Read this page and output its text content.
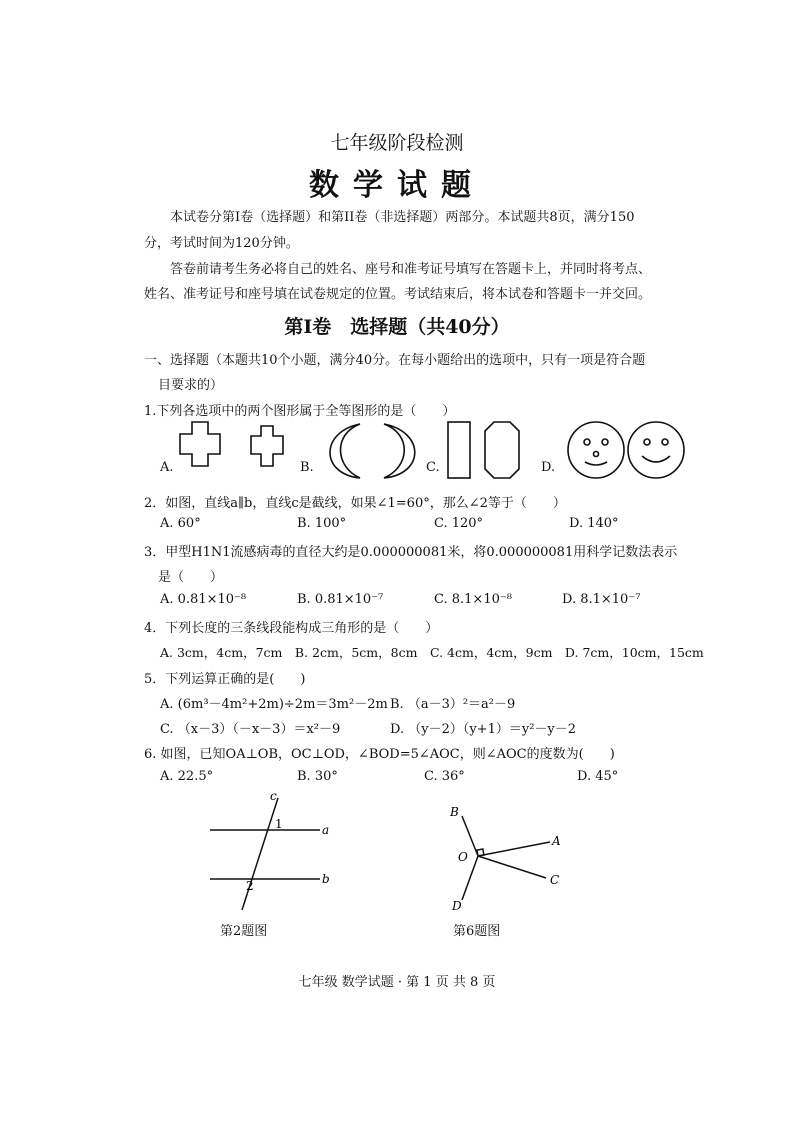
七年级阶段检测
数学试题
本试卷分第Ⅰ卷（选择题）和第II卷（非选择题）两部分。本试题共8页，满分150
分，考试时间为120分钟。
答卷前请考生务必将自己的姓名、座号和准考证号填写在答题卡上，并同时将考点、
姓名、准考证号和座号填在试卷规定的位置。考试结束后，将本试卷和答题卡一并交回。
第Ⅰ卷　选择题（共40分）
一、选择题（本题共10个小题，满分40分。在每小题给出的选项中，只有一项是符合题
目要求的）
1.下列各选项中的两个图形属于全等图形的是（　　）
A.	B.	C.	D.
2．如图，直线a∥b，直线c是截线，如果∠1=60°，那么∠2等于（　　）
A. 60°	B. 100°	C. 120°	D. 140°
3．甲型H1N1流感病毒的直径大约是0.000000081米，将0.000000081用科学记数法表示
是（　　）
A. 0.81×10⁻⁸	B. 0.81×10⁻⁷	C. 8.1×10⁻⁸	D. 8.1×10⁻⁷
4．下列长度的三条线段能构成三角形的是（　　）
A. 3cm，4cm，7cm　B. 2cm，5cm，8cm　C. 4cm，4cm，9cm　D. 7cm，10cm，15cm
5．下列运算正确的是(　　)
A. (6m³－4m²+2m)÷2m＝3m²－2m B. （a－3）²＝a²－9
C. （x－3）（－x－3）＝x²－9	D. （y－2）（y+1）＝y²－y－2
6. 如图，已知OA⊥OB，OC⊥OD，∠BOD=5∠AOC，则∠AOC的度数为(　　)
A. 22.5°	B. 30°	C. 36°	D. 45°
c
a
b
1
2
第2题图
B
O
A
C
D
第6题图
七年级 数学试题 · 第 1 页 共 8 页
